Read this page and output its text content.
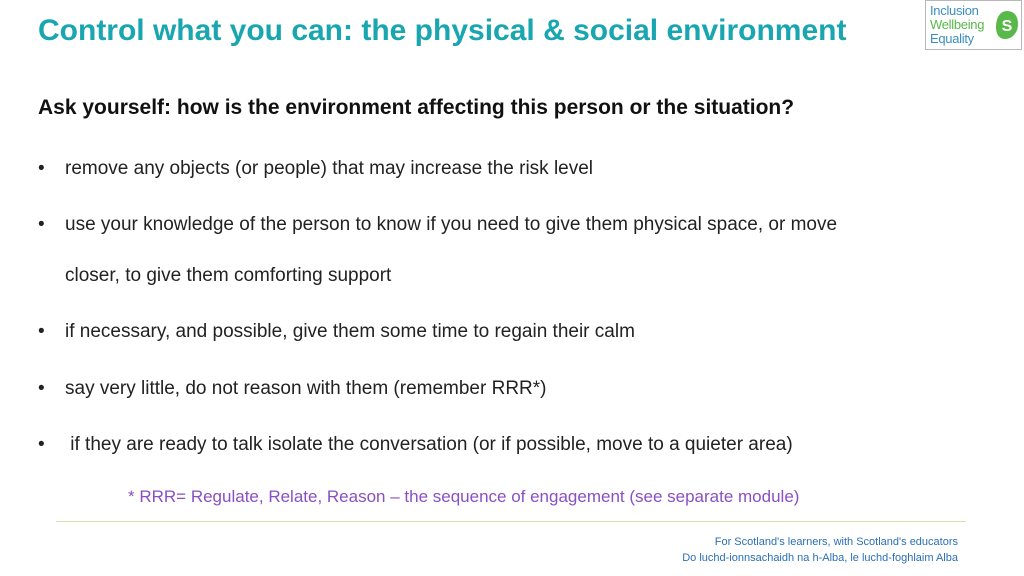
Control what you can: the physical & social environment
Inclusion
Wellbeing
Equality
S
Ask yourself: how is the environment affecting this person or the situation?
• remove any objects (or people) that may increase the risk level
• use your knowledge of the person to know if you need to give them physical space, or move
closer, to give them comforting support
• if necessary, and possible, give them some time to regain their calm
• say very little, do not reason with them (remember RRR*)
• if they are ready to talk isolate the conversation (or if possible, move to a quieter area)
* RRR= Regulate, Relate, Reason – the sequence of engagement (see separate module)
For Scotland's learners, with Scotland's educators
Do luchd-ionnsachaidh na h-Alba, le luchd-foghlaim Alba
